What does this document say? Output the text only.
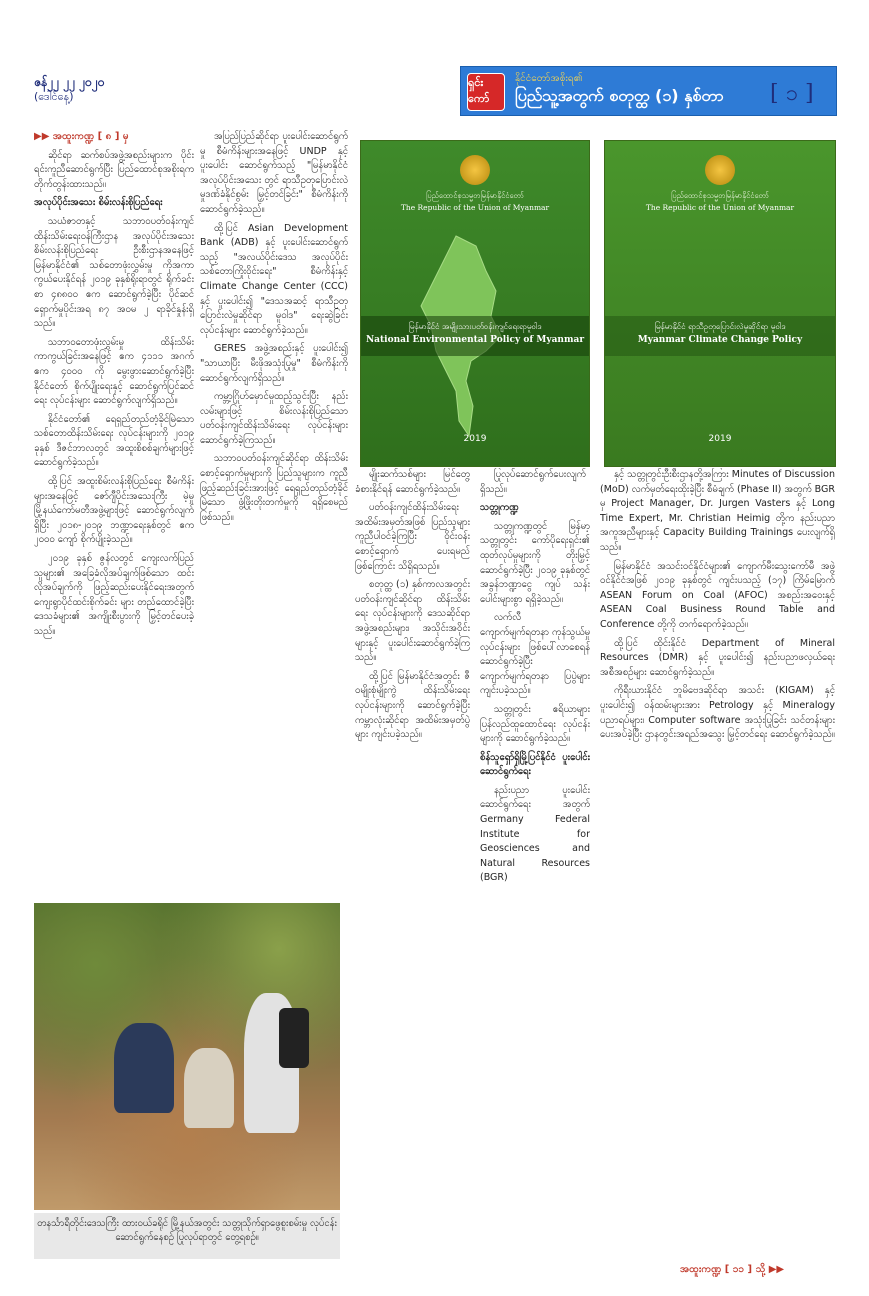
ဇန်၂၂ ၂၂ ၂၀၂၀
(ဒေါင်နေ့)
ရှင်းကော်
နိုင်ငံတော်အစိုးရ၏
ပြည်သူ့အတွက် စတုတ္ထ (၁) နှစ်တာ [ ၁ ]
▶▶ အထူးကဏ္ဍ [ ၈ ] မှ

ဆိုင်ရာ ဆက်စပ်အဖွဲ့အစည်းများက ပိုင်းရင်းကူညီဆောင်ရွက်ပြီး ပြည်ထောင်စုအစိုးရက တိုက်တွန်းထားသည်။

အလုပ်ပိုင်းအသေး စိမ်းလန်းစိုပြည်ရေး

သယံဇာတနှင့် သဘာဝပတ်ဝန်းကျင်ထိန်းသိမ်းရေးဝန်ကြီးဌာန အလုပ်ပိုင်းအသေး စိမ်းလန်းစိုပြည်ရေး ဦးစီးဌာနအနေဖြင့် မြန်မာနိုင်ငံ၏ သစ်တောဖုံးလွှမ်းမှု ကိုအကာကွယ်ပေးနိုင်ရန် ၂၀၁၉ ခုနှစ်ရိုးရာတွင် ရိုက်ခင်းစာ ၄၈၈၀၀ ဧက ဆောင်ရွက်ခဲ့ပြီး ပိုင်ဆင် ရှောက်မှုပိုင်းအရ ၈၇ အ၀မ ၂ ရာခိုင်နှုန်းရှိသည်။

သဘာဝတောဖုံးလွှမ်းမှု ထိန်းသိမ်းကာကွယ်ခြင်းအနေဖြင့် ဧက ၄၁၁၁ အဂက် ဧက ၄၀၀၀ ကို မွေးဖွားဆောင်ရွက်ခဲ့ပြီး နိုင်ငံတော် စိုက်ပျိုးရေးနှင့် ဆောင်ရွက်ပြင်ဆင်ရေး လုပ်ငန်းများ ဆောင်ရွက်လျက်ရှိသည်။

နိုင်ငံတော်၏ ရေရှည်တည်တံ့ခိုင်မြဲသော သစ်တောထိန်းသိမ်းရေး လုပ်ငန်းများကို ၂၀၁၉ ခုနှစ် ဒီဇင်ဘာလတွင် အထူးစိစစ်ချက်များဖြင့် ဆောင်ရွက်ခဲ့သည်။

ထို့ပြင် အထူးစိမ်းလန်းစိုပြည်ရေး စီမံကိန်းများအနေဖြင့် ဇော်ဂျီပိုင်းအသေးကြီး မဲ့မှု မြို့နယ်ကော်မတီအဖွဲ့များဖြင့် ဆောင်ရွက်လျက်ရှိပြီး ၂၀၁၈-၂၀၁၉ ဘဏ္ဍာရေးနှစ်တွင် ဧက ၂၀၀၀ ကျော် စိုက်ပျိုးခဲ့သည်။

၂၀၁၉ ခုနှစ် ဇွန်လတွင် ကျေးလက်ပြည်သူများ၏ အခြေခံလိုအပ်ချက်ဖြစ်သော ထင်းလိုအပ်ချက်ကို ဖြည့်ဆည်းပေးနိုင်ရေးအတွက် ကျေးရွာပိုင်ထင်းစိုက်ခင်း များ တည်ထောင်ခဲ့ပြီး ဒေသခံများ၏ အကျိုးစီးပွားကို မြှင့်တင်ပေးခဲ့သည်။

အပြည်ပြည်ဆိုင်ရာ ပူးပေါင်းဆောင်ရွက်မှု စီမံကိန်းများအနေဖြင့် UNDP နှင့် ပူးပေါင်း ဆောင်ရွက်သည့် "မြန်မာနိုင်ငံ အလုပ်ပိုင်းအသေး တွင် ရာသီဥတုပြောင်းလဲမှုဒဏ်ခံနိုင်စွမ်း မြှင့်တင်ခြင်း" စီမံကိန်းကို ဆောင်ရွက်ခဲ့သည်။

ထို့ပြင် Asian Development Bank (ADB) နှင့် ပူးပေါင်းဆောင်ရွက်သည့် "အလယ်ပိုင်းဒေသ အလုပ်ပိုင်းသစ်တောကြိုးဝိုင်းရေး" စီမံကိန်းနှင့် Climate Change Center (CCC) နှင့် ပူးပေါင်း၍ "ဒေသအဆင့် ရာသီဥတုပြောင်းလဲမှုဆိုင်ရာ မူဝါဒ" ရေးဆွဲခြင်းလုပ်ငန်းများ ဆောင်ရွက်ခဲ့သည်။

GERES အဖွဲ့အစည်းနှင့် ပူးပေါင်း၍ "သာယာပြီး မီးဖိုအသုံးပြုမှု" စီမံကိန်းကို ဆောင်ရွက်လျက်ရှိသည်။

ကမ္ဘာ့ဂြိုဟ်မှောင်မှုထည့်သွင်းပြီး နည်းလမ်းများဖြင့် စိမ်းလန်းစိုပြည်သော ပတ်ဝန်းကျင်ထိန်းသိမ်းရေး လုပ်ငန်းများ ဆောင်ရွက်ခဲ့ကြသည်။

သဘာဝပတ်ဝန်းကျင်ဆိုင်ရာ ထိန်းသိမ်းစောင့်ရှောက်မှုများကို ပြည်သူများက ကူညီဖြည့်ဆည်းခြင်းအားဖြင့် ရေရှည်တည်တံ့ခိုင်မြဲသော ဖွံ့ဖြိုးတိုးတက်မှုကို ရရှိစေမည်ဖြစ်သည်။

ပြည်ထောင်စုသမ္မတမြန်မာနိုင်ငံတော်
The Republic of the Union of Myanmar
မြန်မာနိုင်ငံ အမျိုးသားပတ်ဝန်းကျင်ရေးရာမူဝါဒ
National Environmental Policy of Myanmar
2019
ပြည်ထောင်စုသမ္မတမြန်မာနိုင်ငံတော်
The Republic of the Union of Myanmar
မြန်မာနိုင်ငံ ရာသီဥတုပြောင်းလဲမှုဆိုင်ရာ မူဝါဒ
Myanmar Climate Change Policy
2019

မျိုးဆက်သစ်များ မြင်တွေ့ခံစားနိုင်ရန် ဆောင်ရွက်ခဲ့သည်။

ပတ်ဝန်းကျင်ထိန်းသိမ်းရေး အထိမ်းအမှတ်အဖြစ် ပြည်သူများ ကူညီပါဝင်ခဲ့ကြပြီး ဝိုင်းဝန်းစောင့်ရှောက် ပေးရမည်ဖြစ်ကြောင်း သိရှိရသည်။

စတုတ္ထ (၁) နှစ်ကာလအတွင်း ပတ်ဝန်းကျင်ဆိုင်ရာ ထိန်းသိမ်းရေး လုပ်ငန်းများကို ဒေသဆိုင်ရာ အဖွဲ့အစည်းများ၊ အသိုင်းအဝိုင်းများနှင့် ပူးပေါင်းဆောင်ရွက်ခဲ့ကြသည်။

ထို့ပြင် မြန်မာနိုင်ငံအတွင်း ဇီဝမျိုးစုံမျိုးကွဲ ထိန်းသိမ်းရေး လုပ်ငန်းများကို ဆောင်ရွက်ခဲ့ပြီး ကမ္ဘာလုံးဆိုင်ရာ အထိမ်းအမှတ်ပွဲများ ကျင်းပခဲ့သည်။

ပြုလုပ်ဆောင်ရွက်ပေးလျက်ရှိသည်။

သတ္တုကဏ္ဍ

သတ္တုကဏ္ဍတွင် မြန်မာ့သတ္တုတွင်း ကော်ပိုရေးရှင်း၏ ထုတ်လုပ်မှုများကို တိုးမြှင့်ဆောင်ရွက်ခဲ့ပြီး ၂၀၁၉ ခုနှစ်တွင် အခွန်ဘဏ္ဍာငွေ ကျပ် သန်းပေါင်းများစွာ ရရှိခဲ့သည်။

လက်လီကျောက်မျက်ရတနာ ကုန်သွယ်မှု လုပ်ငန်းများ ဖြစ်ပေါ်လာစေရန် ဆောင်ရွက်ခဲ့ပြီး ကျောက်မျက်ရတနာ ပြပွဲများ ကျင်းပခဲ့သည်။

သတ္တုတွင်း ဧရိယာများ ပြန်လည်ထူထောင်ရေး လုပ်ငန်းများကို ဆောင်ရွက်ခဲ့သည်။

စိန်သူရှော်ရှိမြို့ပြင်နိုင်ငံ ပူးပေါင်းဆောင်ရွက်ရေး

နည်းပညာ ပူးပေါင်းဆောင်ရွက်ရေး အတွက် Germany Federal Institute for Geosciences and Natural Resources (BGR)

နှင့် သတ္တုတွင်းဦးစီးဌာနတို့အကြား Minutes of Discussion (MoD) လက်မှတ်ရေးထိုးခဲ့ပြီး စီမံချက် (Phase II) အတွက် BGR မှ Project Manager, Dr. Jurgen Vasters နှင့် Long Time Expert, Mr. Christian Heimig တို့က နည်းပညာအကူအညီများနှင့် Capacity Building Trainings ပေးလျက်ရှိသည်။

မြန်မာနိုင်ငံ အသင်းဝင်နိုင်ငံများ၏ ကျောက်မီးသွေးကော်မီ အဖွဲ့ဝင်နိုင်ငံအဖြစ် ၂၀၁၉ ခုနှစ်တွင် ကျင်းပသည့် (၁၇) ကြိမ်မြောက် ASEAN Forum on Coal (AFOC) အစည်းအဝေးနှင့် ASEAN Coal Business Round Table and Conference တို့ကို တက်ရောက်ခဲ့သည်။

ထို့ပြင် ထိုင်းနိုင်ငံ Department of Mineral Resources (DMR) နှင့် ပူးပေါင်း၍ နည်းပညာဖလှယ်ရေး အစီအစဉ်များ ဆောင်ရွက်ခဲ့သည်။

ကိုရီးယားနိုင်ငံ ဘူမိဗေဒဆိုင်ရာ အသင်း (KIGAM) နှင့် ပူးပေါင်း၍ ဝန်ထမ်းများအား Petrology နှင့် Mineralogy ပညာရပ်များ၊ Computer software အသုံးပြုခြင်း သင်တန်းများ ပေးအပ်ခဲ့ပြီး ဌာနတွင်းအရည်အသွေး မြှင့်တင်ရေး ဆောင်ရွက်ခဲ့သည်။

အထူးကဏ္ဍ [ ၁၁ ] သို့ ▶▶
တနင်္သာရီတိုင်းဒေသကြီး ထားဝယ်ခရိုင် မြို့နယ်အတွင်း သတ္တုသိုက်ရှာဖွေစူးစမ်းမှု လုပ်ငန်း ဆောင်ရွက်နေစဉ် ပြုလုပ်ရာတွင် တွေ့ရစဉ်။
